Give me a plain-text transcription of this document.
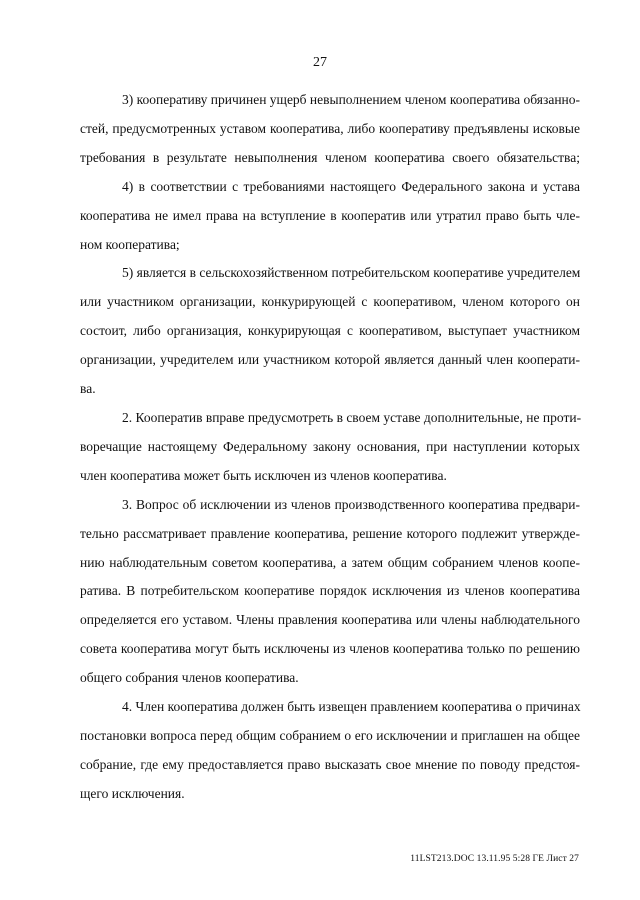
27
3) кооперативу причинен ущерб невыполнением членом кооператива обязанно-
стей, предусмотренных уставом кооператива, либо кооперативу предъявлены исковые
требования в результате невыполнения членом кооператива своего обязательства;
4) в соответствии с требованиями настоящего Федерального закона и устава
кооператива не имел права на вступление в кооператив или утратил право быть чле-
ном кооператива;
5) является в сельскохозяйственном потребительском кооперативе учредителем
или участником организации, конкурирующей с кооперативом, членом которого он
состоит, либо организация, конкурирующая с кооперативом, выступает участником
организации, учредителем или участником которой является данный член кооперати-
ва.
2. Кооператив вправе предусмотреть в своем уставе дополнительные, не проти-
воречащие настоящему Федеральному закону основания, при наступлении которых
член кооператива может быть исключен из членов кооператива.
3. Вопрос об исключении из членов производственного кооператива предвари-
тельно рассматривает правление кооператива, решение которого подлежит утвержде-
нию наблюдательным советом кооператива, а затем общим собранием членов коопе-
ратива. В потребительском кооперативе порядок исключения из членов кооператива
определяется его уставом. Члены правления кооператива или члены наблюдательного
совета кооператива могут быть исключены из членов кооператива только по решению
общего собрания членов кооператива.
4. Член кооператива должен быть извещен правлением кооператива о причинах
постановки вопроса перед общим собранием о его исключении и приглашен на общее
собрание, где ему предоставляется право высказать свое мнение по поводу предстоя-
щего исключения.
11LST213.DOC 13.11.95 5:28 ГЕ Лист 27
